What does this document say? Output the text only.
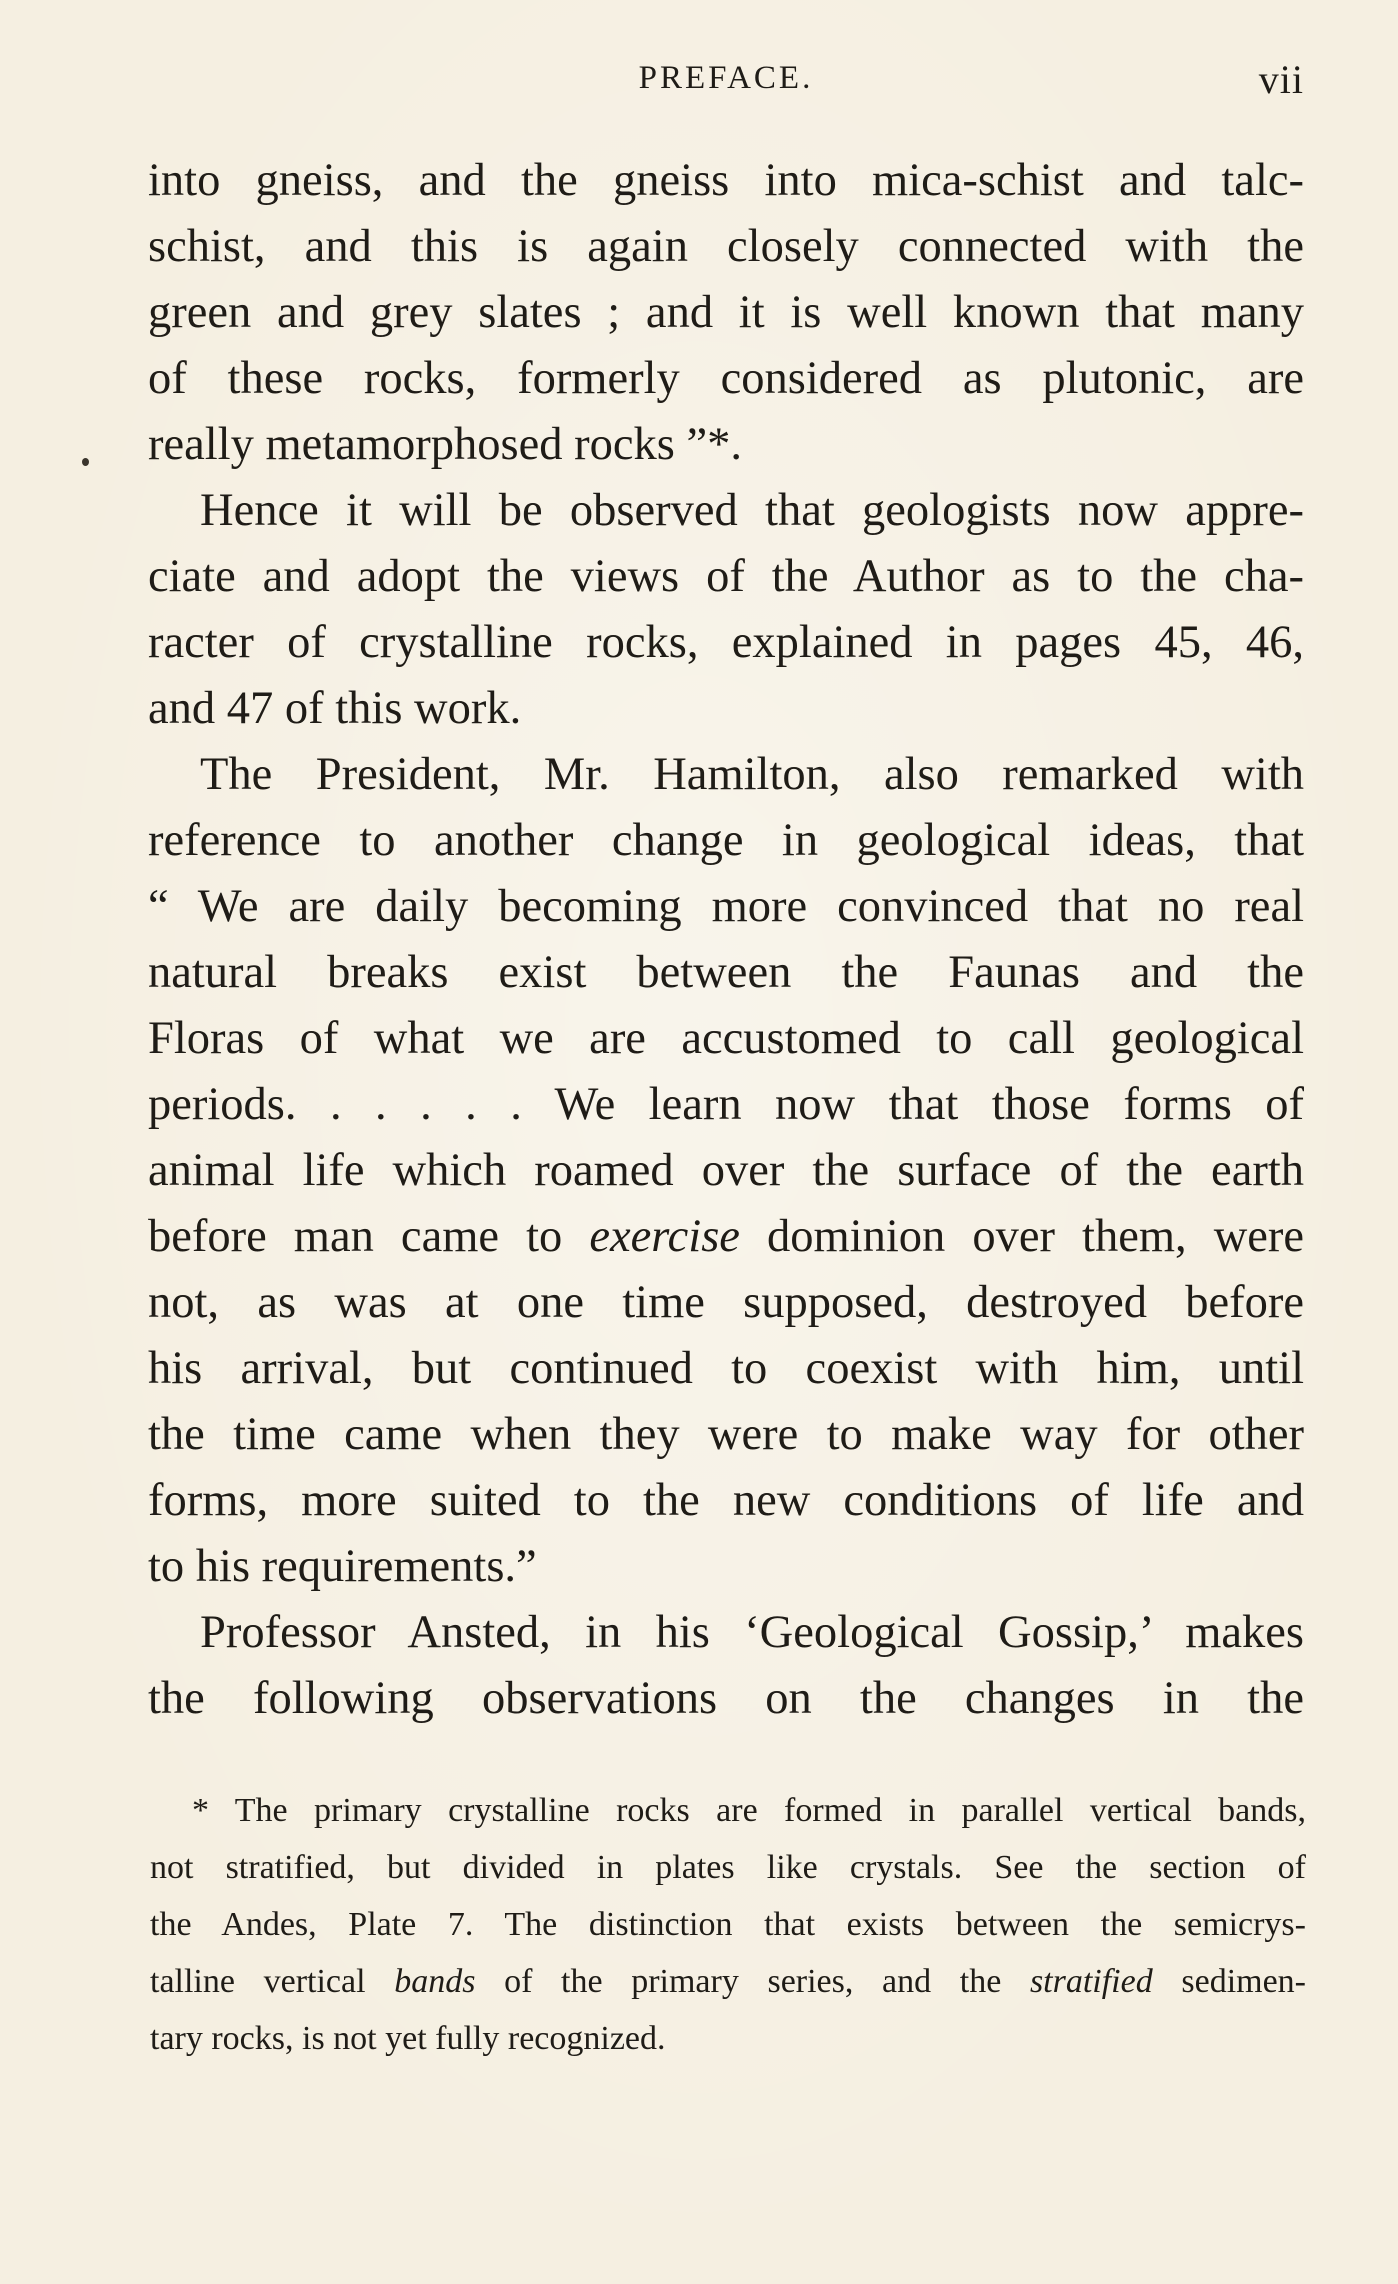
PREFACE.	vii
into gneiss, and the gneiss into mica-schist and talc-
schist, and this is again closely connected with the
green and grey slates ; and it is well known that many
of these rocks, formerly considered as plutonic, are
really metamorphosed rocks ”*.
Hence it will be observed that geologists now appre-
ciate and adopt the views of the Author as to the cha-
racter of crystalline rocks, explained in pages 45, 46,
and 47 of this work.
The President, Mr. Hamilton, also remarked with
reference to another change in geological ideas, that
“ We are daily becoming more convinced that no real
natural breaks exist between the Faunas and the
Floras of what we are accustomed to call geological
periods. . . . . . We learn now that those forms of
animal life which roamed over the surface of the earth
before man came to exercise dominion over them, were
not, as was at one time supposed, destroyed before
his arrival, but continued to coexist with him, until
the time came when they were to make way for other
forms, more suited to the new conditions of life and
to his requirements.”
Professor Ansted, in his ‘Geological Gossip,’ makes
the following observations on the changes in the
* The primary crystalline rocks are formed in parallel vertical bands,
not stratified, but divided in plates like crystals. See the section of
the Andes, Plate 7. The distinction that exists between the semicrys-
talline vertical bands of the primary series, and the stratified sedimen-
tary rocks, is not yet fully recognized.
